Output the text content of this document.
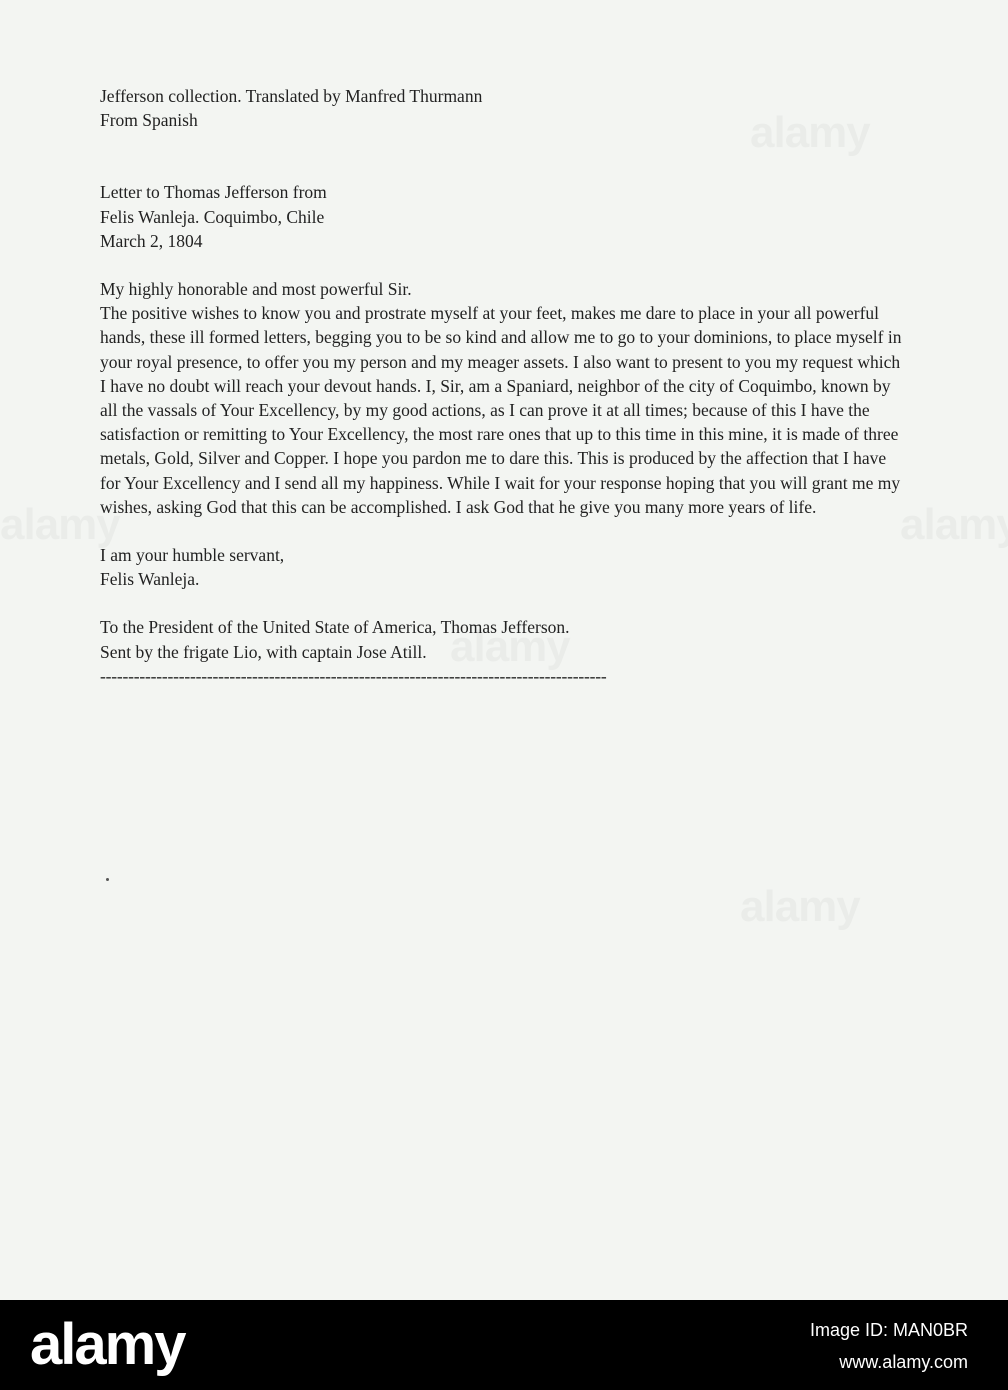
Jefferson collection. Translated by Manfred Thurmann

From Spanish

Letter to Thomas Jefferson from

Felis Wanleja. Coquimbo, Chile

March 2, 1804

My highly honorable and most powerful Sir.

The positive wishes to know you and prostrate myself at your feet, makes me dare to place in your all powerful hands, these ill formed letters, begging you to be so kind and allow me to go to your dominions, to place myself in your royal presence, to offer you my person and my meager assets. I also want to present to you my request which I have no doubt will reach your devout hands. I, Sir, am a Spaniard, neighbor of the city of Coquimbo, known by all the vassals of Your Excellency, by my good actions, as I can prove it at all times; because of this I have the satisfaction or remitting to Your Excellency, the most rare ones that up to this time in this mine, it is made of three metals, Gold, Silver and Copper. I hope you pardon me to dare this. This is produced by the affection that I have for Your Excellency and I send all my happiness. While I wait for your response hoping that you will grant me my wishes, asking God that this can be accomplished. I ask God that he give you many more years of life.

I am your humble servant,

Felis Wanleja.

To the President of the United State of America, Thomas Jefferson.

Sent by the frigate Lio, with captain Jose Atill.

------------------------------------------------------------------------------------------

alamy	Image ID: MAN0BR
www.alamy.com
